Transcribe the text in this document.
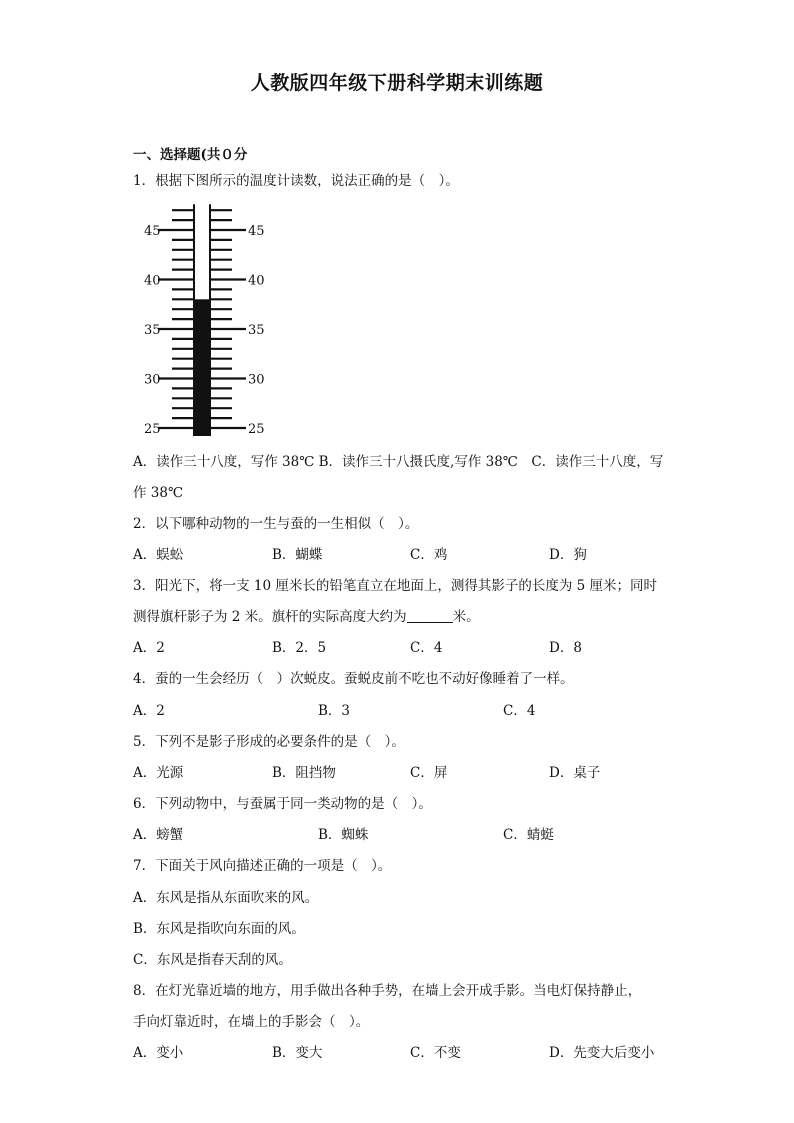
人教版四年级下册科学期末训练题
一、选择题(共０分
1．根据下图所示的温度计读数，说法正确的是（　）。
45	45
40	40
35	35
30	30
25	25
A．读作三十八度，写作 38℃ B．读作三十八摄氏度,写作 38℃　C．读作三十八度，写
作 38℃
2．以下哪种动物的一生与蚕的一生相似（　）。
A．蜈蚣	B．蝴蝶	C．鸡	D．狗
3．阳光下，将一支 10 厘米长的铅笔直立在地面上，测得其影子的长度为 5 厘米；同时
测得旗杆影子为 2 米。旗杆的实际高度大约为	米。
A．2	B．2．5	C．4	D．8
4．蚕的一生会经历（　）次蜕皮。蚕蜕皮前不吃也不动好像睡着了一样。
A．2	B．3	C．4
5．下列不是影子形成的必要条件的是（　）。
A．光源	B．阻挡物	C．屏	D．桌子
6．下列动物中，与蚕属于同一类动物的是（　）。
A．螃蟹	B．蜘蛛	C．蜻蜓
7．下面关于风向描述正确的一项是（　）。
A．东风是指从东面吹来的风。
B．东风是指吹向东面的风。
C．东风是指春天刮的风。
8．在灯光靠近墙的地方，用手做出各种手势，在墙上会开成手影。当电灯保持静止，
手向灯靠近时，在墙上的手影会（　）。
A．变小	B．变大	C．不变	D．先变大后变小
